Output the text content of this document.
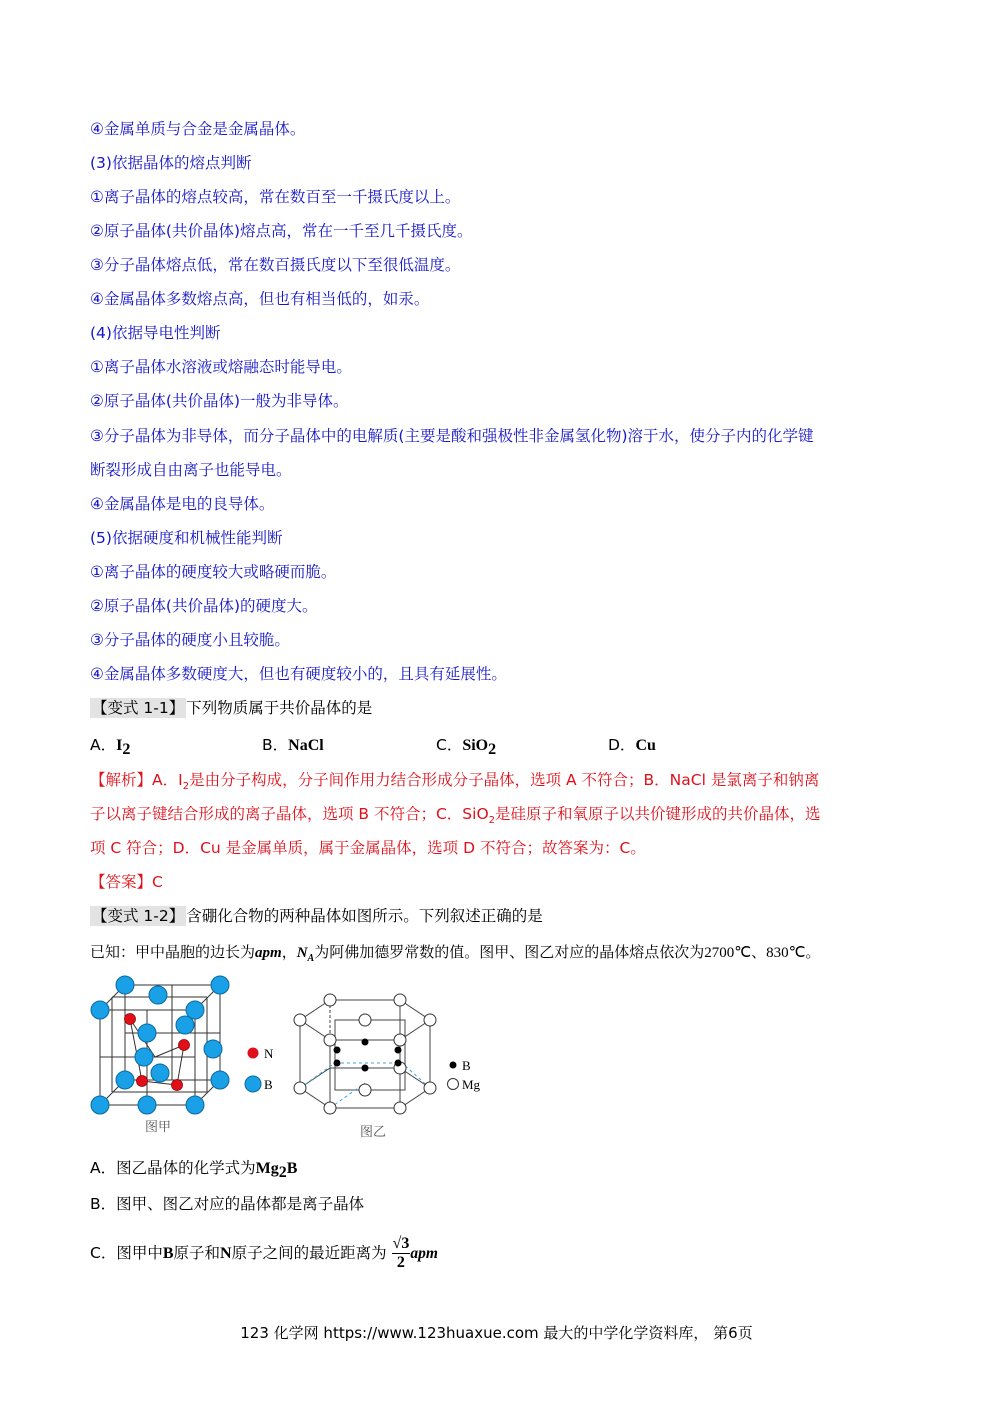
④金属单质与合金是金属晶体。
(3)依据晶体的熔点判断
①离子晶体的熔点较高，常在数百至一千摄氏度以上。
②原子晶体(共价晶体)熔点高，常在一千至几千摄氏度。
③分子晶体熔点低，常在数百摄氏度以下至很低温度。
④金属晶体多数熔点高，但也有相当低的，如汞。
(4)依据导电性判断
①离子晶体水溶液或熔融态时能导电。
②原子晶体(共价晶体)一般为非导体。
③分子晶体为非导体，而分子晶体中的电解质(主要是酸和强极性非金属氢化物)溶于水，使分子内的化学键
断裂形成自由离子也能导电。
④金属晶体是电的良导体。
(5)依据硬度和机械性能判断
①离子晶体的硬度较大或略硬而脆。
②原子晶体(共价晶体)的硬度大。
③分子晶体的硬度小且较脆。
④金属晶体多数硬度大，但也有硬度较小的，且具有延展性。
【变式 1-1】 下列物质属于共价晶体的是
A．$I_2$	B．NaCl	C．SiO$_2$	D．Cu
【解析】A．$I_2$是由分子构成，分子间作用力结合形成分子晶体，选项 A 不符合；B．NaCl 是氯离子和钠离
子以离子键结合形成的离子晶体，选项 B 不符合；C．SiO$_2$是硅原子和氧原子以共价键形成的共价晶体，选
项 C 符合；D．Cu 是金属单质，属于金属晶体，选项 D 不符合；故答案为：C。
【答案】C
【变式 1-2】 含硼化合物的两种晶体如图所示。下列叙述正确的是
已知：甲中晶胞的边长为apm，$N_A$为阿佛加德罗常数的值。图甲、图乙对应的晶体熔点依次为2700℃、830℃。
N
B
图甲
B
Mg
图乙
A．图乙晶体的化学式为$Mg_2B$
B．图甲、图乙对应的晶体都是离子晶体
C．图甲中B原子和N原子之间的最近距离为 $\frac{√3}{2}$ apm
123 化学网 https://www.123huaxue.com 最大的中学化学资料库， 第6页
